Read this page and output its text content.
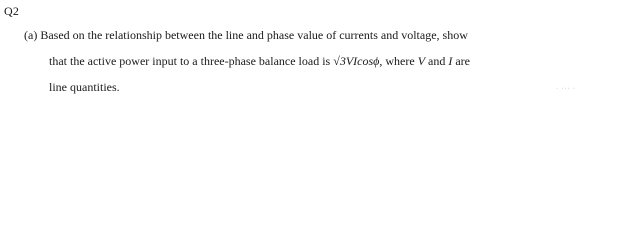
Q2
(a) Based on the relationship between the line and phase value of currents and voltage, show
that the active power input to a three-phase balance load is √3VIcosϕ, where V and I are
line quantities.	· ··· ·
